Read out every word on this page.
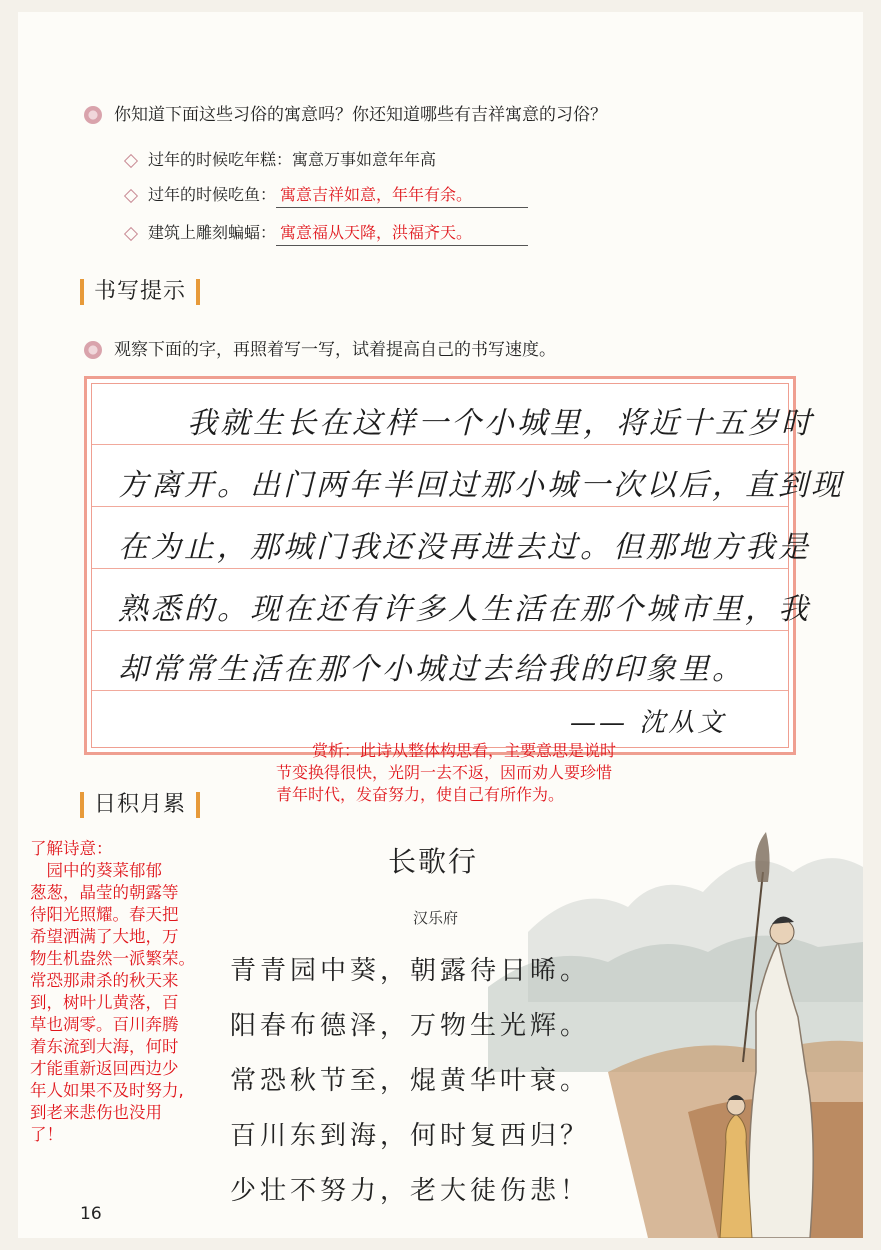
你知道下面这些习俗的寓意吗？你还知道哪些有吉祥寓意的习俗？
过年的时候吃年糕：寓意万事如意年年高
过年的时候吃鱼： 寓意吉祥如意，年年有余。
建筑上雕刻蝙蝠： 寓意福从天降，洪福齐天。
书写提示
观察下面的字，再照着写一写，试着提高自己的书写速度。
我就生长在这样一个小城里，将近十五岁时
方离开。出门两年半回过那小城一次以后，直到现
在为止，那城门我还没再进去过。但那地方我是
熟悉的。现在还有许多人生活在那个城市里，我
却常常生活在那个小城过去给我的印象里。
—— 沈从文
赏析：此诗从整体构思看，主要意思是说时
节变换得很快，光阴一去不返，因而劝人要珍惜
青年时代，发奋努力，使自己有所作为。
日积月累
了解诗意：
　园中的葵菜郁郁
葱葱，晶莹的朝露等
待阳光照耀。春天把
希望洒满了大地，万
物生机盎然一派繁荣。
常恐那肃杀的秋天来
到，树叶儿黄落，百
草也凋零。百川奔腾
着东流到大海，何时
才能重新返回西边少
年人如果不及时努力,
到老来悲伤也没用
了！
长歌行
汉乐府
青青园中葵，朝露待日晞。
阳春布德泽，万物生光辉。
常恐秋节至，焜黄华叶衰。
百川东到海，何时复西归？
少壮不努力，老大徒伤悲！
16
